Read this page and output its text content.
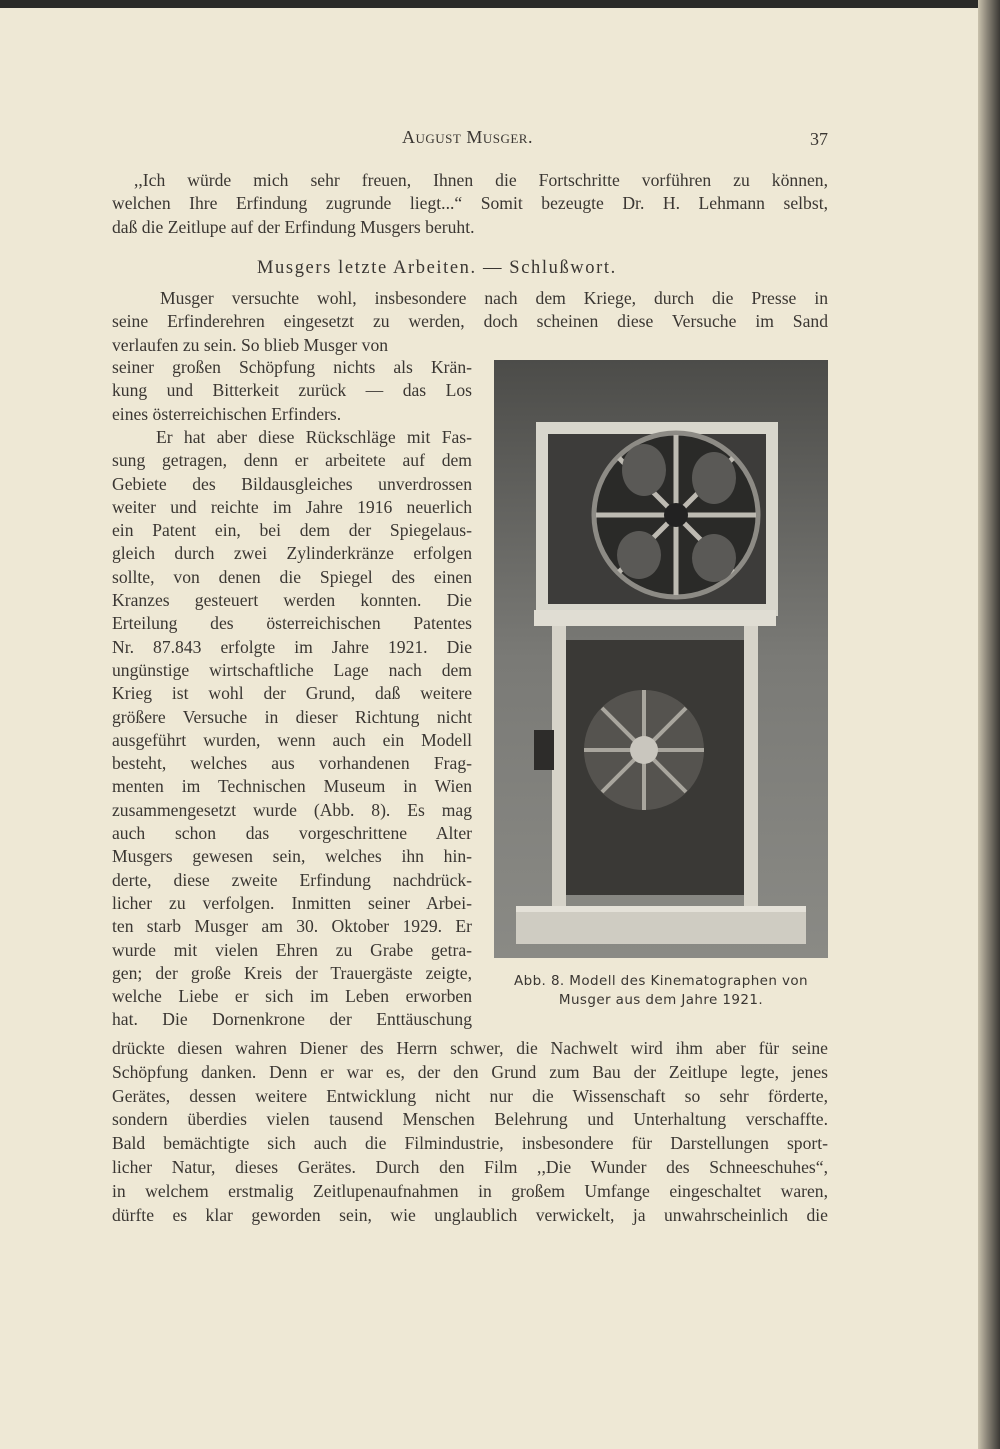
August Musger.	37
,,Ich würde mich sehr freuen, Ihnen die Fortschritte vorführen zu können,
welchen Ihre Erfindung zugrunde liegt...“ Somit bezeugte Dr. H. Lehmann selbst,
daß die Zeitlupe auf der Erfindung Musgers beruht.
Musgers letzte Arbeiten. — Schlußwort.
Musger versuchte wohl, insbesondere nach dem Kriege, durch die Presse in
seine Erfinderehren eingesetzt zu werden, doch scheinen diese Versuche im Sand
verlaufen zu sein. So blieb Musger von
seiner großen Schöpfung nichts als Krän-
kung und Bitterkeit zurück — das Los
eines österreichischen Erfinders.
Er hat aber diese Rückschläge mit Fas-
sung getragen, denn er arbeitete auf dem
Gebiete des Bildausgleiches unverdrossen
weiter und reichte im Jahre 1916 neuerlich
ein Patent ein, bei dem der Spiegelaus-
gleich durch zwei Zylinderkränze erfolgen
sollte, von denen die Spiegel des einen
Kranzes gesteuert werden konnten. Die
Erteilung des österreichischen Patentes
Nr. 87.843 erfolgte im Jahre 1921. Die
ungünstige wirtschaftliche Lage nach dem
Krieg ist wohl der Grund, daß weitere
größere Versuche in dieser Richtung nicht
ausgeführt wurden, wenn auch ein Modell
besteht, welches aus vorhandenen Frag-
menten im Technischen Museum in Wien
zusammengesetzt wurde (Abb. 8). Es mag
auch schon das vorgeschrittene Alter
Musgers gewesen sein, welches ihn hin-
derte, diese zweite Erfindung nachdrück-
licher zu verfolgen. Inmitten seiner Arbei-
ten starb Musger am 30. Oktober 1929. Er
wurde mit vielen Ehren zu Grabe getra-
gen; der große Kreis der Trauergäste zeigte,
welche Liebe er sich im Leben erworben
hat. Die Dornenkrone der Enttäuschung
drückte diesen wahren Diener des Herrn schwer, die Nachwelt wird ihm aber für seine
Schöpfung danken. Denn er war es, der den Grund zum Bau der Zeitlupe legte, jenes
Gerätes, dessen weitere Entwicklung nicht nur die Wissenschaft so sehr förderte,
sondern überdies vielen tausend Menschen Belehrung und Unterhaltung verschaffte.
Bald bemächtigte sich auch die Filmindustrie, insbesondere für Darstellungen sport-
licher Natur, dieses Gerätes. Durch den Film ,,Die Wunder des Schneeschuhes“,
in welchem erstmalig Zeitlupenaufnahmen in großem Umfange eingeschaltet waren,
dürfte es klar geworden sein, wie unglaublich verwickelt, ja unwahrscheinlich die
Abb. 8. Modell des Kinematographen von
Musger aus dem Jahre 1921.
